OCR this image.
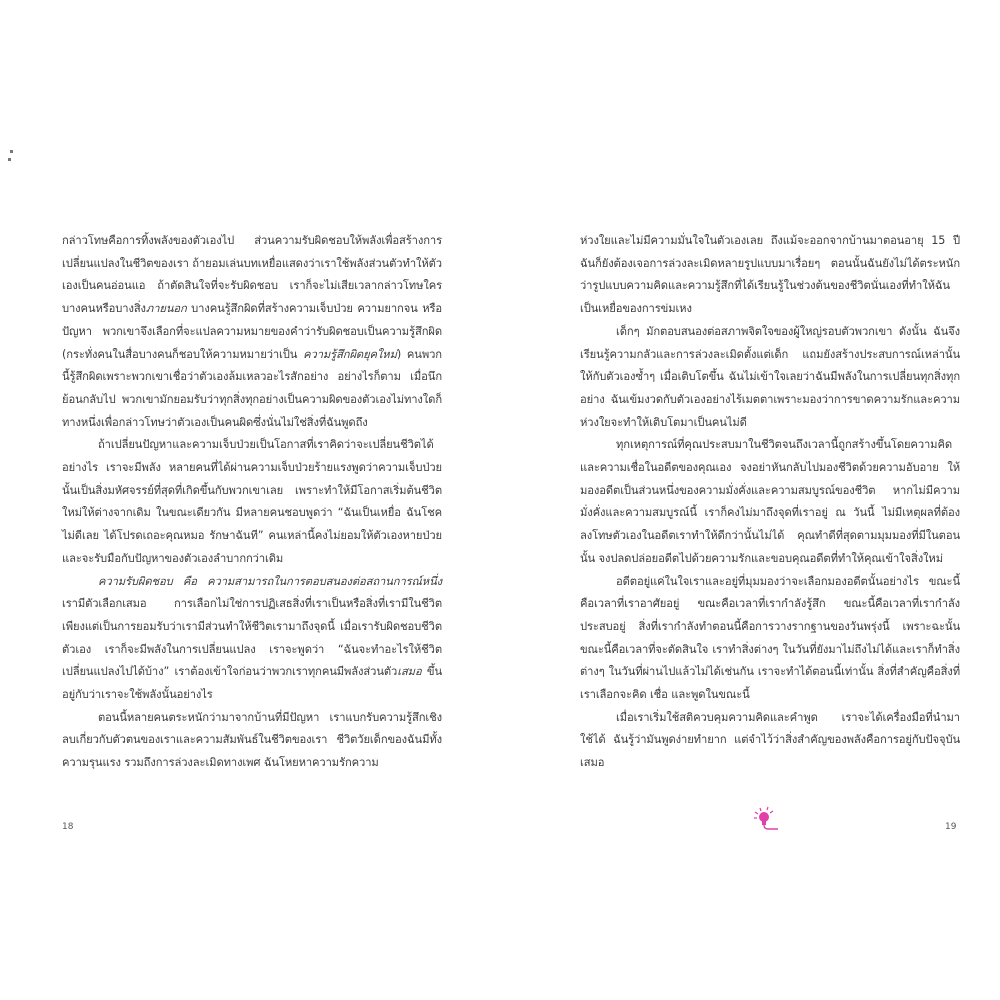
กล่าวโทษคือการทิ้งพลังของตัวเองไป ส่วนความรับผิดชอบให้พลังเพื่อสร้างการเปลี่ยนแปลงในชีวิตของเรา ถ้ายอมเล่นบทเหยื่อแสดงว่าเราใช้พลังส่วนตัวทำให้ตัวเองเป็นคนอ่อนแอ ถ้าตัดสินใจที่จะรับผิดชอบ เราก็จะไม่เสียเวลากล่าวโทษใครบางคนหรือบางสิ่งภายนอก บางคนรู้สึกผิดที่สร้างความเจ็บป่วย ความยากจน หรือปัญหา พวกเขาจึงเลือกที่จะแปลความหมายของคำว่ารับผิดชอบเป็นความรู้สึกผิด (กระทั่งคนในสื่อบางคนก็ชอบให้ความหมายว่าเป็น ความรู้สึกผิดยุคใหม่) คนพวกนี้รู้สึกผิดเพราะพวกเขาเชื่อว่าตัวเองล้มเหลวอะไรสักอย่าง อย่างไรก็ตาม เมื่อนึกย้อนกลับไป พวกเขามักยอมรับว่าทุกสิ่งทุกอย่างเป็นความผิดของตัวเองไม่ทางใดก็ทางหนึ่งเพื่อกล่าวโทษว่าตัวเองเป็นคนผิดซึ่งนั่นไม่ใช่สิ่งที่ฉันพูดถึง

ถ้าเปลี่ยนปัญหาและความเจ็บป่วยเป็นโอกาสที่เราคิดว่าจะเปลี่ยนชีวิตได้อย่างไร เราจะมีพลัง หลายคนที่ได้ผ่านความเจ็บป่วยร้ายแรงพูดว่าความเจ็บป่วยนั้นเป็นสิ่งมหัศจรรย์ที่สุดที่เกิดขึ้นกับพวกเขาเลย เพราะทำให้มีโอกาสเริ่มต้นชีวิตใหม่ให้ต่างจากเดิม ในขณะเดียวกัน มีหลายคนชอบพูดว่า “ฉันเป็นเหยื่อ ฉันโชคไม่ดีเลย ได้โปรดเถอะคุณหมอ รักษาฉันที” คนเหล่านี้คงไม่ยอมให้ตัวเองหายป่วยและจะรับมือกับปัญหาของตัวเองลำบากกว่าเดิม

ความรับผิดชอบ คือ ความสามารถในการตอบสนองต่อสถานการณ์หนึ่ง เรามีตัวเลือกเสมอ การเลือกไม่ใช่การปฏิเสธสิ่งที่เราเป็นหรือสิ่งที่เรามีในชีวิต เพียงแต่เป็นการยอมรับว่าเรามีส่วนทำให้ชีวิตเรามาถึงจุดนี้ เมื่อเรารับผิดชอบชีวิตตัวเอง เราก็จะมีพลังในการเปลี่ยนแปลง เราจะพูดว่า “ฉันจะทำอะไรให้ชีวิตเปลี่ยนแปลงไปได้บ้าง” เราต้องเข้าใจก่อนว่าพวกเราทุกคนมีพลังส่วนตัวเสมอ ขึ้นอยู่กับว่าเราจะใช้พลังนั้นอย่างไร

ตอนนี้หลายคนตระหนักว่ามาจากบ้านที่มีปัญหา เราแบกรับความรู้สึกเชิงลบเกี่ยวกับตัวตนของเราและความสัมพันธ์ในชีวิตของเรา ชีวิตวัยเด็กของฉันมีทั้งความรุนแรง รวมถึงการล่วงละเมิดทางเพศ ฉันโหยหาความรักความ

18

ห่วงใยและไม่มีความมั่นใจในตัวเองเลย ถึงแม้จะออกจากบ้านมาตอนอายุ 15 ปี ฉันก็ยังต้องเจอการล่วงละเมิดหลายรูปแบบมาเรื่อยๆ ตอนนั้นฉันยังไม่ได้ตระหนักว่ารูปแบบความคิดและความรู้สึกที่ได้เรียนรู้ในช่วงต้นของชีวิตนั่นเองที่ทำให้ฉันเป็นเหยื่อของการข่มเหง

เด็กๆ มักตอบสนองต่อสภาพจิตใจของผู้ใหญ่รอบตัวพวกเขา ดังนั้น ฉันจึงเรียนรู้ความกลัวและการล่วงละเมิดตั้งแต่เด็ก แถมยังสร้างประสบการณ์เหล่านั้นให้กับตัวเองซ้ำๆ เมื่อเติบโตขึ้น ฉันไม่เข้าใจเลยว่าฉันมีพลังในการเปลี่ยนทุกสิ่งทุกอย่าง ฉันเข้มงวดกับตัวเองอย่างไร้เมตตาเพราะมองว่าการขาดความรักและความห่วงใยจะทำให้เติบโตมาเป็นคนไม่ดี

ทุกเหตุการณ์ที่คุณประสบมาในชีวิตจนถึงเวลานี้ถูกสร้างขึ้นโดยความคิดและความเชื่อในอดีตของคุณเอง จงอย่าหันกลับไปมองชีวิตด้วยความอับอาย ให้มองอดีตเป็นส่วนหนึ่งของความมั่งคั่งและความสมบูรณ์ของชีวิต หากไม่มีความมั่งคั่งและความสมบูรณ์นี้ เราก็คงไม่มาถึงจุดที่เราอยู่ ณ วันนี้ ไม่มีเหตุผลที่ต้องลงโทษตัวเองในอดีตเราทำให้ดีกว่านั้นไม่ได้ คุณทำดีที่สุดตามมุมมองที่มีในตอนนั้น จงปลดปล่อยอดีตไปด้วยความรักและขอบคุณอดีตที่ทำให้คุณเข้าใจสิ่งใหม่

อดีตอยู่แค่ในใจเราและอยู่ที่มุมมองว่าจะเลือกมองอดีตนั้นอย่างไร ขณะนี้คือเวลาที่เราอาศัยอยู่ ขณะคือเวลาที่เรากำลังรู้สึก ขณะนี้คือเวลาที่เรากำลังประสบอยู่ สิ่งที่เรากำลังทำตอนนี้คือการวางรากฐานของวันพรุ่งนี้ เพราะฉะนั้นขณะนี้คือเวลาที่จะตัดสินใจ เราทำสิ่งต่างๆ ในวันที่ยังมาไม่ถึงไม่ได้และเราก็ทำสิ่งต่างๆ ในวันที่ผ่านไปแล้วไม่ได้เช่นกัน เราจะทำได้ตอนนี้เท่านั้น สิ่งที่สำคัญคือสิ่งที่เราเลือกจะคิด เชื่อ และพูดในขณะนี้

เมื่อเราเริ่มใช้สติควบคุมความคิดและคำพูด เราจะได้เครื่องมือที่นำมาใช้ได้ ฉันรู้ว่ามันพูดง่ายทำยาก แต่จำไว้ว่าสิ่งสำคัญของพลังคือการอยู่กับปัจจุบันเสมอ

19
